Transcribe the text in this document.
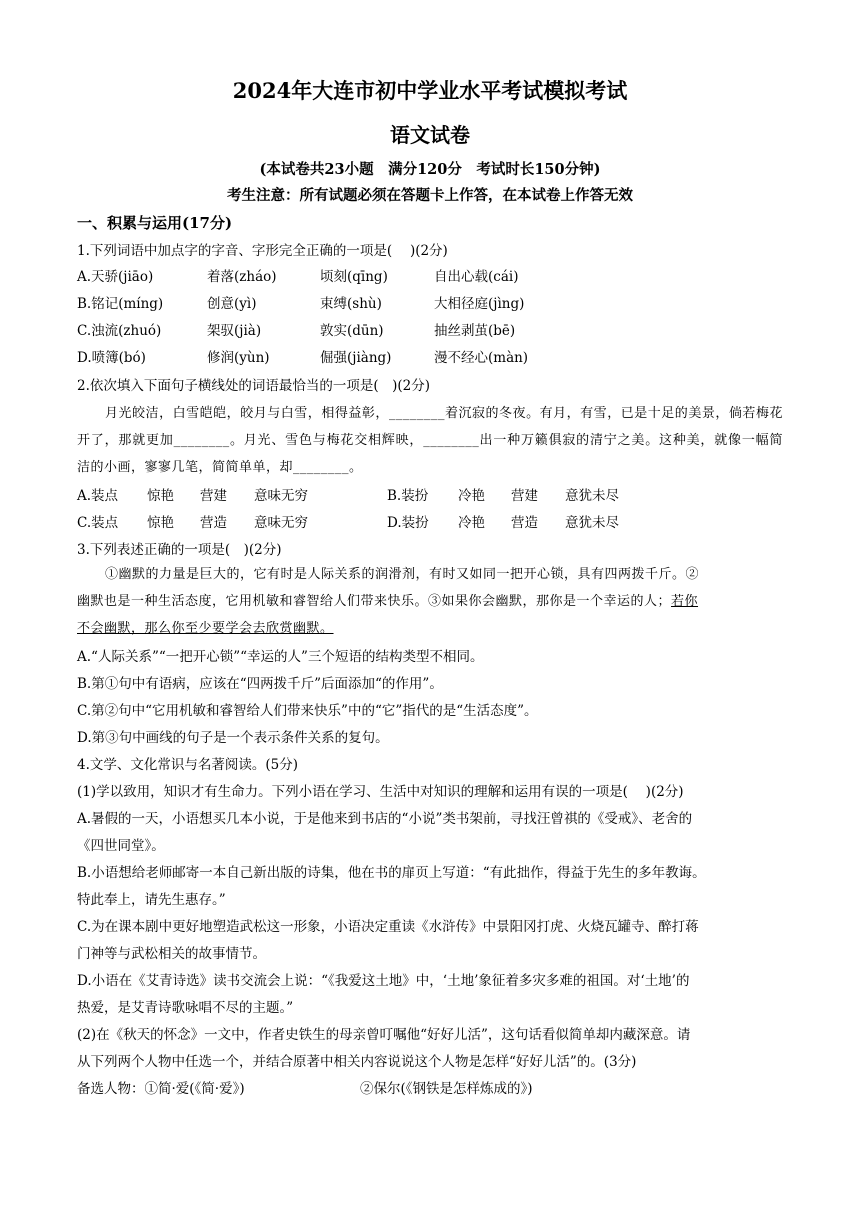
2024年大连市初中学业水平考试模拟考试
语文试卷
(本试卷共23小题　满分120分　考试时长150分钟)
考生注意：所有试题必须在答题卡上作答，在本试卷上作答无效
一、积累与运用(17分)
1.下列词语中加点字的字音、字形完全正确的一项是(　 )(2分)
A.天骄(jiāo)	着落(zháo)	顷刻(qīng)	自出心载(cái)
B.铭记(míng)	创意(yì)	束缚(shù)	大相径庭(jìng)
C.浊流(zhuó)	架驭(jià)	敦实(dūn)	抽丝剥茧(bē)
D.喷簿(bó)	修润(yùn)	倔强(jiàng)	漫不经心(màn)
2.依次填入下面句子横线处的词语最恰当的一项是(　)(2分)
月光皎洁，白雪皑皑，皎月与白雪，相得益彰，________着沉寂的冬夜。有月，有雪，已是十足的美景，倘若梅花开了，那就更加________。月光、雪色与梅花交相辉映，________出一种万籁俱寂的清宁之美。这种美，就像一幅简洁的小画，寥寥几笔，简简单单，却________。
A.装点 惊艳 营建 意味无穷	B.装扮 冷艳 营建 意犹未尽
C.装点 惊艳 营造 意味无穷	D.装扮 冷艳 营造 意犹未尽
3.下列表述正确的一项是(　)(2分)
①幽默的力量是巨大的，它有时是人际关系的润滑剂，有时又如同一把开心锁，具有四两拨千斤。②
幽默也是一种生活态度，它用机敏和睿智给人们带来快乐。③如果你会幽默，那你是一个幸运的人；若你
不会幽默，那么你至少要学会去欣赏幽默。
A.“人际关系”“一把开心锁”“幸运的人”三个短语的结构类型不相同。
B.第①句中有语病，应该在“四两拨千斤”后面添加“的作用”。
C.第②句中“它用机敏和睿智给人们带来快乐”中的“它”指代的是“生活态度”。
D.第③句中画线的句子是一个表示条件关系的复句。
4.文学、文化常识与名著阅读。(5分)
(1)学以致用，知识才有生命力。下列小语在学习、生活中对知识的理解和运用有误的一项是(　 )(2分)
A.暑假的一天，小语想买几本小说，于是他来到书店的“小说”类书架前，寻找汪曾祺的《受戒》、老舍的
《四世同堂》。
B.小语想给老师邮寄一本自己新出版的诗集，他在书的扉页上写道：“有此拙作，得益于先生的多年教诲。
特此奉上，请先生惠存。”
C.为在课本剧中更好地塑造武松这一形象，小语决定重读《水浒传》中景阳冈打虎、火烧瓦罐寺、醉打蒋
门神等与武松相关的故事情节。
D.小语在《艾青诗选》读书交流会上说：“《我爱这土地》中，‘土地’象征着多灾多难的祖国。对‘土地’的
热爱，是艾青诗歌咏唱不尽的主题。”
(2)在《秋天的怀念》一文中，作者史铁生的母亲曾叮嘱他“好好儿活”，这句话看似简单却内藏深意。请
从下列两个人物中任选一个，并结合原著中相关内容说说这个人物是怎样“好好儿活”的。(3分)
备选人物：①简·爱(《简·爱》)	②保尔(《钢铁是怎样炼成的》)
